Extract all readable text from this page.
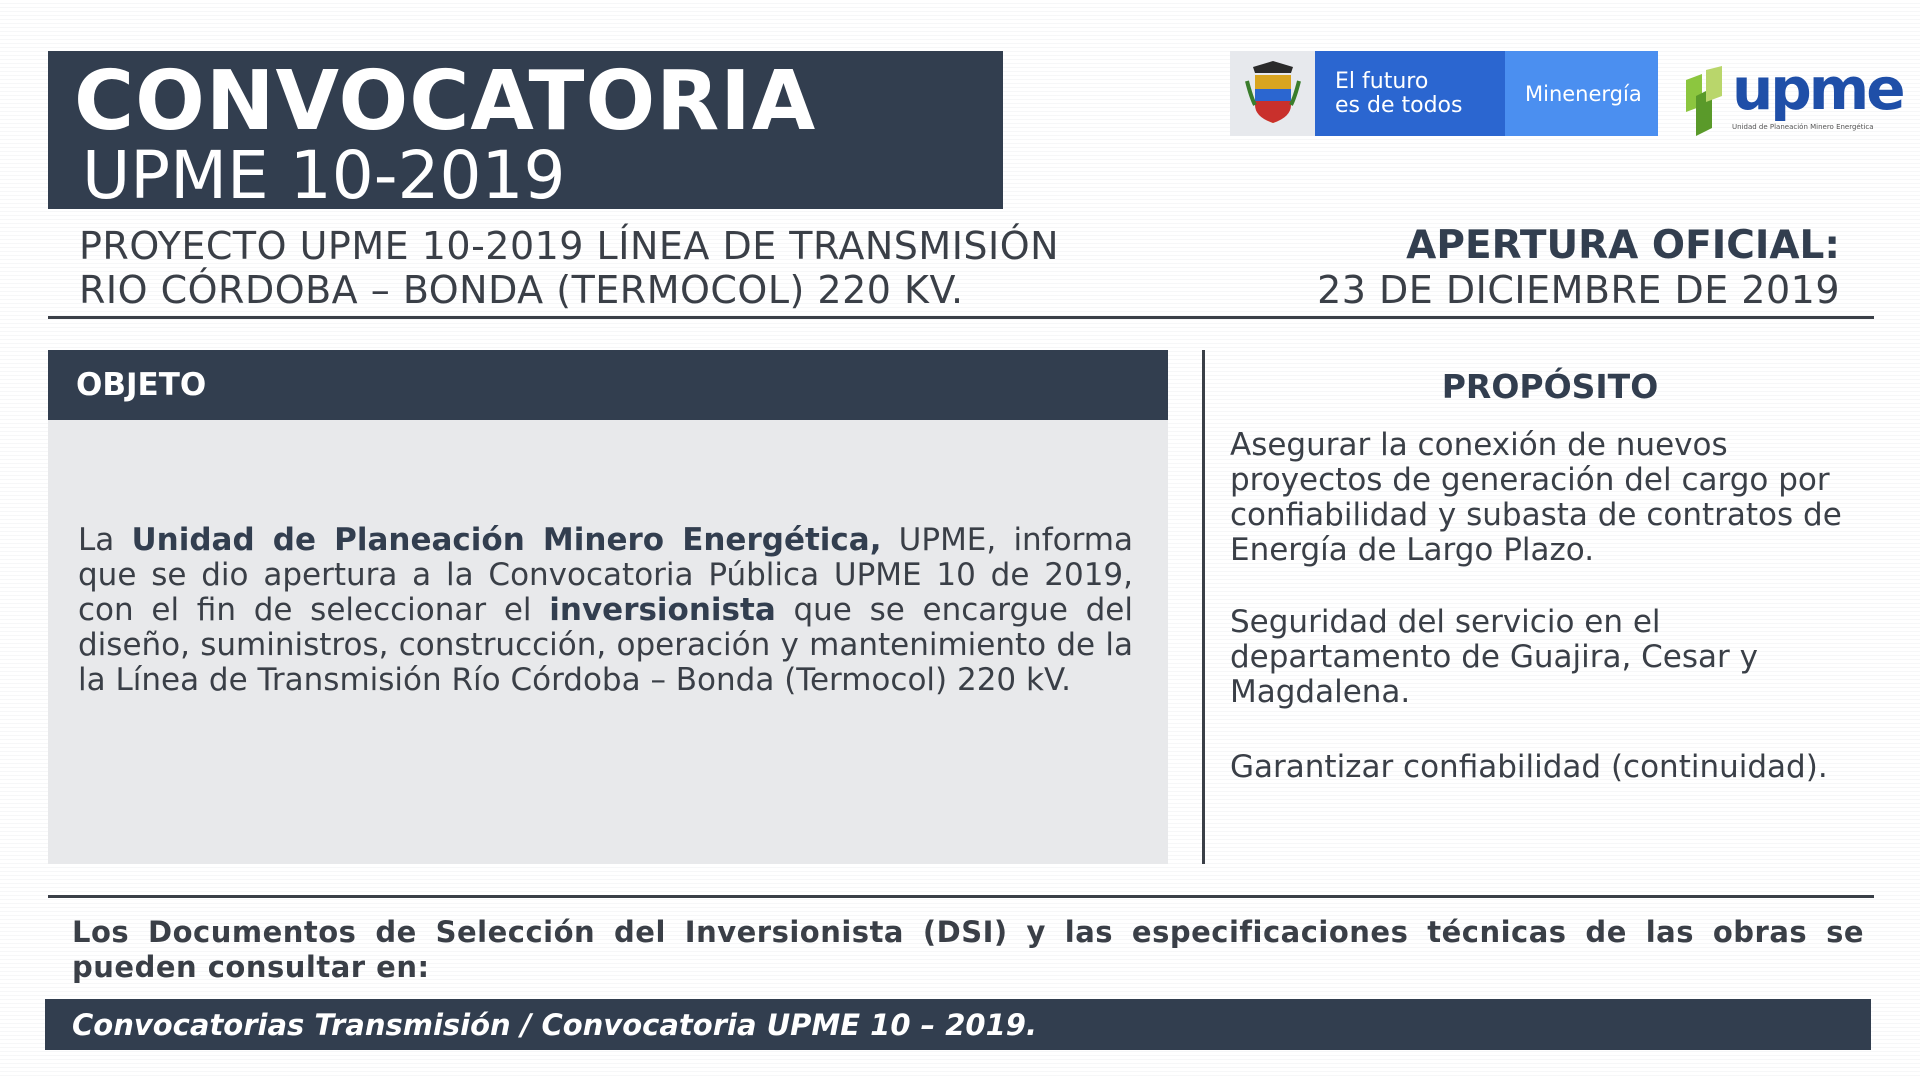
CONVOCATORIA
UPME 10-2019
El futuro
es de todos	Minenergía upme
Unidad de Planeación Minero Energética
PROYECTO UPME 10-2019 LÍNEA DE TRANSMISIÓN
RIO CÓRDOBA – BONDA (TERMOCOL) 220 KV.
APERTURA OFICIAL:
23 DE DICIEMBRE DE 2019
OBJETO
La Unidad de Planeación Minero Energética, UPME, informa que se dio apertura a la Convocatoria Pública UPME 10 de 2019, con el fin de seleccionar el inversionista que se encargue del diseño, suministros, construcción, operación y mantenimiento de la la Línea de Transmisión Río Córdoba – Bonda (Termocol) 220 kV.
PROPÓSITO

Asegurar la conexión de nuevos proyectos de generación del cargo por confiabilidad y subasta de contratos de Energía de Largo Plazo.

Seguridad del servicio en el departamento de Guajira, Cesar y Magdalena.

Garantizar confiabilidad (continuidad).

Los Documentos de Selección del Inversionista (DSI) y las especificaciones técnicas de las obras se pueden consultar en:
Convocatorias Transmisión / Convocatoria UPME 10 – 2019.
